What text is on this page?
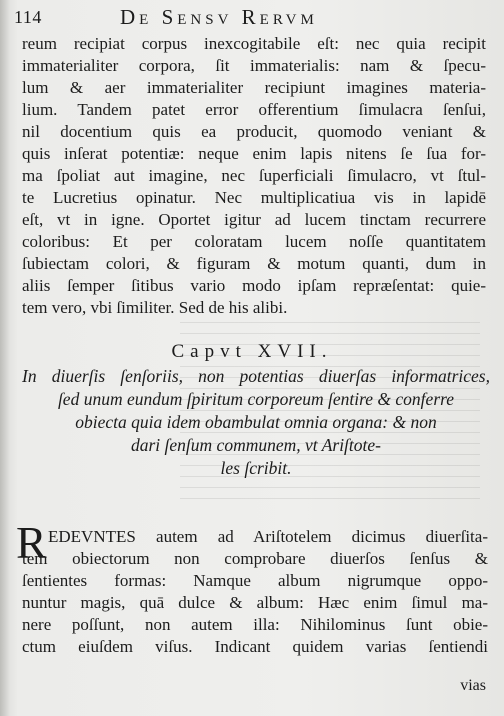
114	De Sensv Rervm
reum recipiat corpus inexcogitabile eſt: nec quia recipit
immaterialiter corpora, ſit immaterialis: nam & ſpecu-
lum & aer immaterialiter recipiunt imagines materia-
lium. Tandem patet error offerentium ſimulacra ſenſui,
nil docentium quis ea producit, quomodo veniant &
quis inſerat potentiæ: neque enim lapis nitens ſe ſua for-
ma ſpoliat aut imagine, nec ſuperficiali ſimulacro, vt ſtul-
te Lucretius opinatur. Nec multiplicatiua vis in lapidē
eſt, vt in igne. Oportet igitur ad lucem tinctam recurrere
coloribus: Et per coloratam lucem noſſe quantitatem
ſubiectam colori, & figuram & motum quanti, dum in
aliis ſemper ſitibus vario modo ipſam repræſentat: quie-
tem vero, vbi ſimiliter. Sed de his alibi.
Capvt XVII.
In diuerſis ſenſoriis, non potentias diuerſas informatrices,
ſed unum eundum ſpiritum corporeum ſentire & conferre
obiecta quia idem obambulat omnia organa: & non
dari ſenſum communem, vt Ariſtote-
les ſcribit.
R EDEVNTES autem ad Ariſtotelem dicimus diuerſita-
tem obiectorum non comprobare diuerſos ſenſus &
ſentientes formas: Namque album nigrumque oppo-
nuntur magis, quā dulce & album: Hæc enim ſimul ma-
nere poſſunt, non autem illa: Nihilominus ſunt obie-
ctum eiuſdem viſus. Indicant quidem varias ſentiendi
vias
